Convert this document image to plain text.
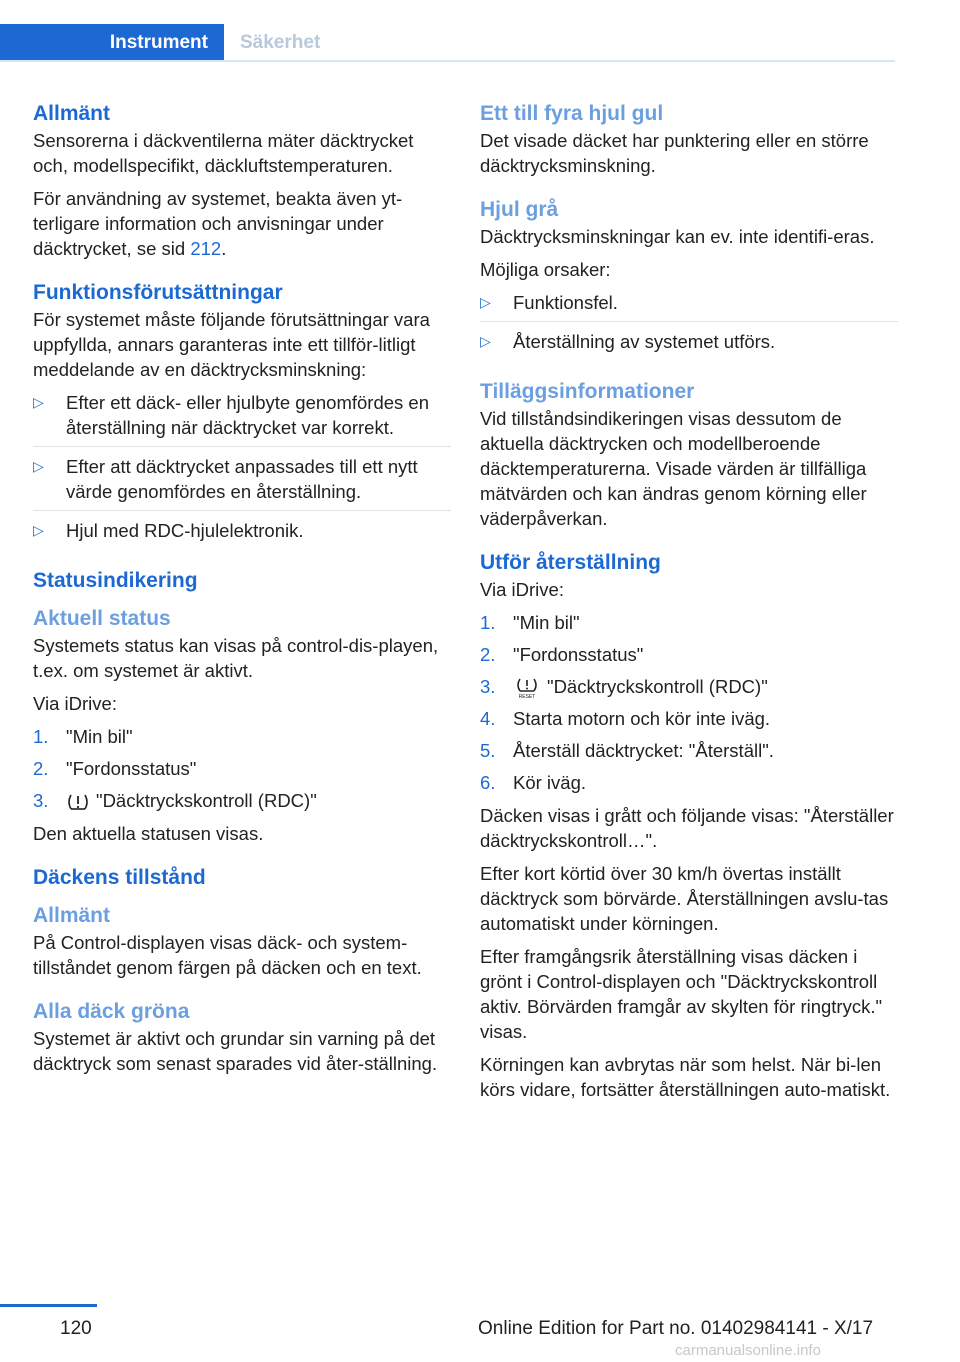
Instrument Säkerhet
Allmänt

Sensorerna i däckventilerna mäter däcktrycket och, modellspecifikt, däckluftstemperaturen.

För användning av systemet, beakta även yt‐terligare information och anvisningar under däcktrycket, se sid 212.

Funktionsförutsättningar

För systemet måste följande förutsättningar vara uppfyllda, annars garanteras inte ett tillför‐litligt meddelande av en däcktrycksminskning:

▷ Efter ett däck- eller hjulbyte genomfördes en återställning när däcktrycket var korrekt.
▷ Efter att däcktrycket anpassades till ett nytt värde genomfördes en återställning.
▷ Hjul med RDC-hjulelektronik.
Statusindikering
Aktuell status

Systemets status kan visas på control-dis‐playen, t.ex. om systemet är aktivt.

Via iDrive:

1. "Min bil"
2. "Fordonsstatus"
3.	"Däcktryckskontroll (RDC)"

Den aktuella statusen visas.

Däckens tillstånd
Allmänt

På Control-displayen visas däck- och system‐tillståndet genom färgen på däcken och en text.

Alla däck gröna

Systemet är aktivt och grundar sin varning på det däcktryck som senast sparades vid åter‐ställning.

Ett till fyra hjul gul

Det visade däcket har punktering eller en större däcktrycksminskning.

Hjul grå

Däcktrycksminskningar kan ev. inte identifi‐eras.

Möjliga orsaker:

▷ Funktionsfel.
▷ Återställning av systemet utförs.
Tilläggsinformationer

Vid tillståndsindikeringen visas dessutom de aktuella däcktrycken och modellberoende däcktemperaturerna. Visade värden är tillfälliga mätvärden och kan ändras genom körning eller väderpåverkan.

Utför återställning

Via iDrive:

1. "Min bil"
2. "Fordonsstatus"
3.
RESET
"Däcktryckskontroll (RDC)"
4. Starta motorn och kör inte iväg.
5. Återställ däcktrycket: "Återställ".
6. Kör iväg.

Däcken visas i grått och följande visas: "Återställer däcktryckskontroll…".

Efter kort körtid över 30 km/h övertas inställt däcktryck som börvärde. Återställningen avslu‐tas automatiskt under körningen.

Efter framgångsrik återställning visas däcken i grönt i Control-displayen och "Däcktryckskontroll aktiv. Börvärden framgår av skylten för ringtryck." visas.

Körningen kan avbrytas när som helst. När bi‐len körs vidare, fortsätter återställningen auto‐matiskt.

120	Online Edition for Part no. 01402984141 - X/17
carmanualsonline.info
